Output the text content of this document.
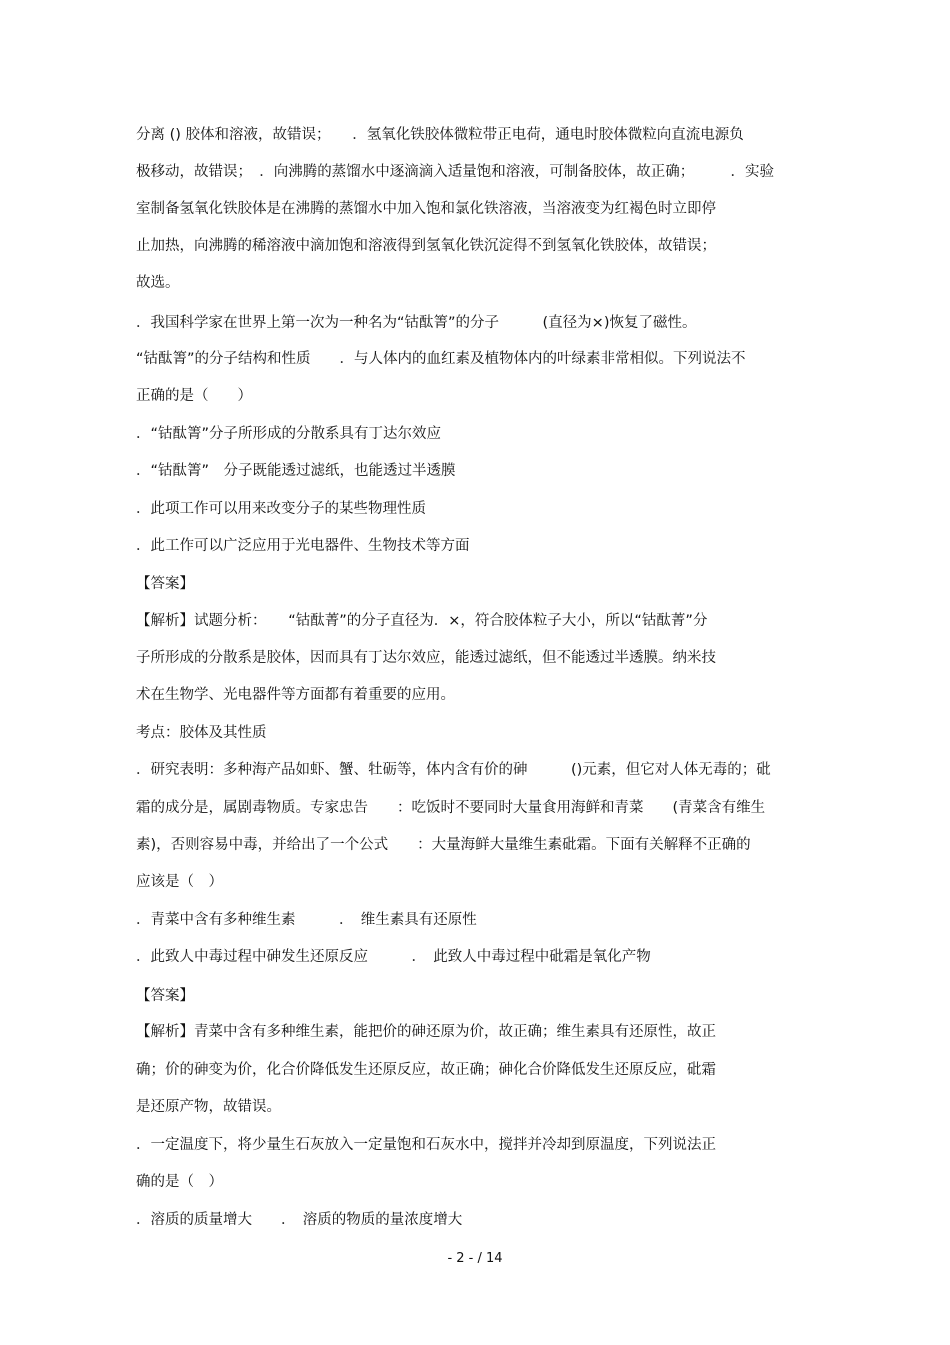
分离 () 胶体和溶液，故错误；　　．氢氧化铁胶体微粒带正电荷，通电时胶体微粒向直流电源负
极移动，故错误；　．向沸腾的蒸馏水中逐滴滴入适量饱和溶液，可制备胶体，故正确；　　　．实验
室制备氢氧化铁胶体是在沸腾的蒸馏水中加入饱和氯化铁溶液，当溶液变为红褐色时立即停
止加热，向沸腾的稀溶液中滴加饱和溶液得到氢氧化铁沉淀得不到氢氧化铁胶体，故错误；
故选。
．我国科学家在世界上第一次为一种名为“钴酞箐”的分子　　　(直径为×)恢复了磁性。
“钴酞箐”的分子结构和性质　　．与人体内的血红素及植物体内的叶绿素非常相似。下列说法不
正确的是（　　）
．“钴酞箐”分子所形成的分散系具有丁达尔效应
．“钴酞箐”　分子既能透过滤纸，也能透过半透膜
．此项工作可以用来改变分子的某些物理性质
．此工作可以广泛应用于光电器件、生物技术等方面
【答案】
【解析】试题分析：　　“钴酞菁”的分子直径为．×，符合胶体粒子大小，所以“钴酞菁”分
子所形成的分散系是胶体，因而具有丁达尔效应，能透过滤纸，但不能透过半透膜。纳米技
术在生物学、光电器件等方面都有着重要的应用。
考点：胶体及其性质
．研究表明：多种海产品如虾、蟹、牡砺等，体内含有价的砷　　　()元素，但它对人体无毒的；砒
霜的成分是，属剧毒物质。专家忠告　　：吃饭时不要同时大量食用海鲜和青菜　　(青菜含有维生
素)，否则容易中毒，并给出了一个公式　　：大量海鲜大量维生素砒霜。下面有关解释不正确的
应该是（　）
．青菜中含有多种维生素　　　．　维生素具有还原性
．此致人中毒过程中砷发生还原反应　　　．　此致人中毒过程中砒霜是氧化产物
【答案】
【解析】青菜中含有多种维生素，能把价的砷还原为价，故正确；维生素具有还原性，故正
确；价的砷变为价，化合价降低发生还原反应，故正确；砷化合价降低发生还原反应，砒霜
是还原产物，故错误。
．一定温度下，将少量生石灰放入一定量饱和石灰水中，搅拌并冷却到原温度，下列说法正
确的是（　）
．溶质的质量增大　　．　溶质的物质的量浓度增大
- 2 - / 14
